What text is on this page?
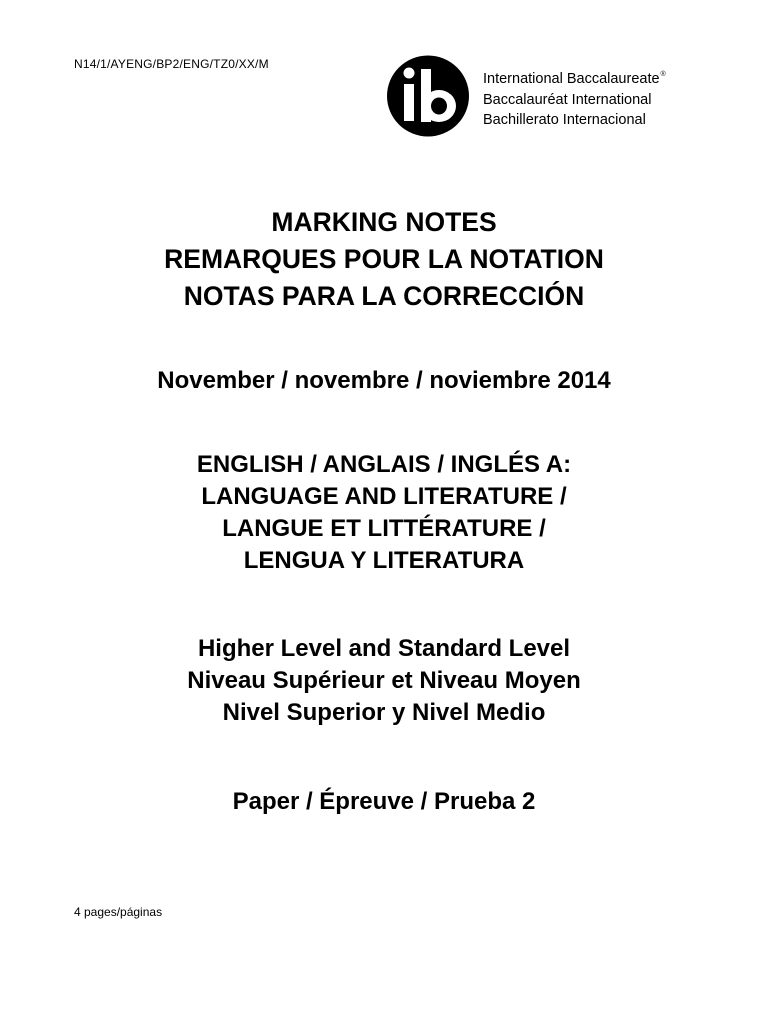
N14/1/AYENG/BP2/ENG/TZ0/XX/M
International Baccalaureate®
Baccalauréat International
Bachillerato Internacional
MARKING NOTES
REMARQUES POUR LA NOTATION
NOTAS PARA LA CORRECCIÓN
November / novembre / noviembre 2014
ENGLISH / ANGLAIS / INGLÉS A:
LANGUAGE AND LITERATURE /
LANGUE ET LITTÉRATURE /
LENGUA Y LITERATURA
Higher Level and Standard Level
Niveau Supérieur et Niveau Moyen
Nivel Superior y Nivel Medio
Paper / Épreuve / Prueba 2
4 pages/páginas
